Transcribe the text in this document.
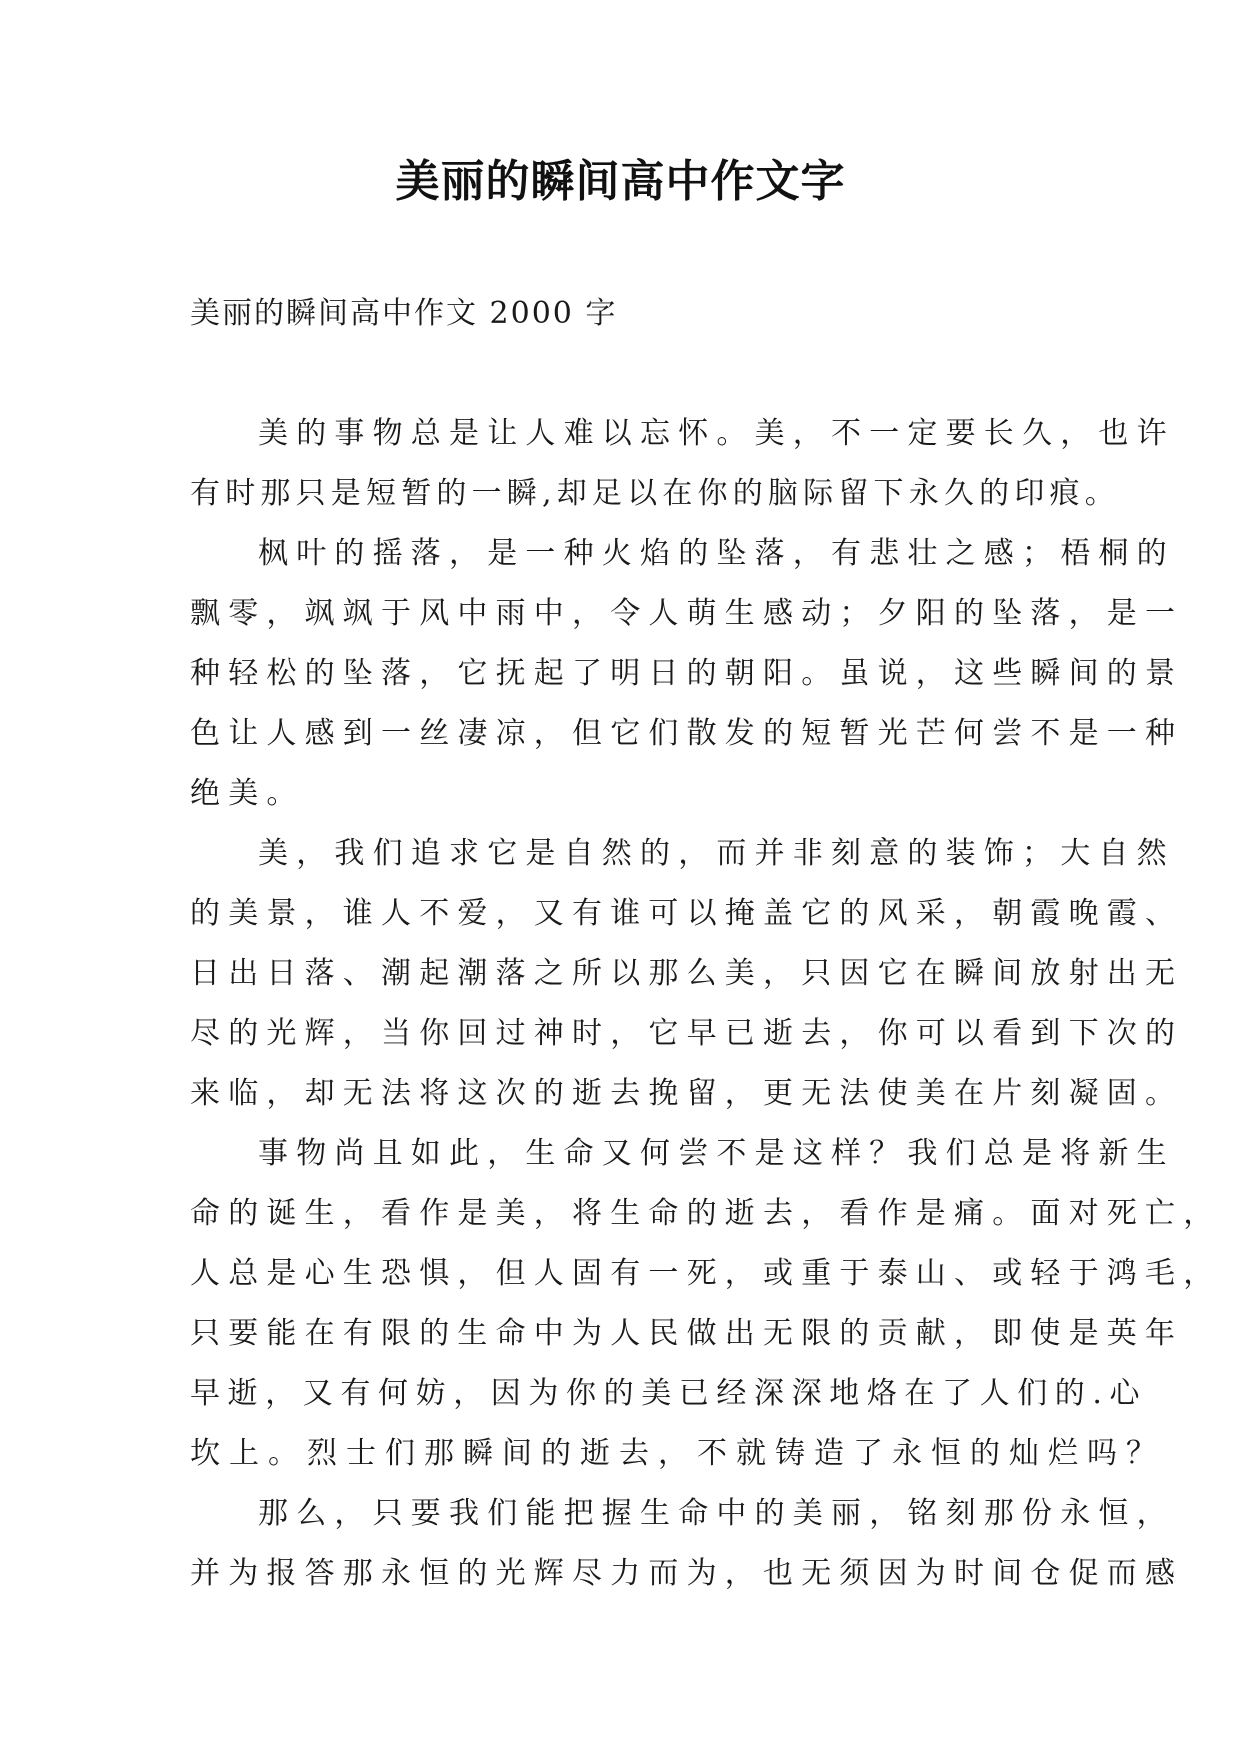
美丽的瞬间高中作文字
美丽的瞬间高中作文 2000 字
美的事物总是让人难以忘怀。美，不一定要长久，也许
有时那只是短暂的一瞬,却足以在你的脑际留下永久的印痕。
枫叶的摇落，是一种火焰的坠落，有悲壮之感；梧桐的
飘零，飒飒于风中雨中，令人萌生感动；夕阳的坠落，是一
种轻松的坠落，它抚起了明日的朝阳。虽说，这些瞬间的景
色让人感到一丝凄凉，但它们散发的短暂光芒何尝不是一种
绝美。
美，我们追求它是自然的，而并非刻意的装饰；大自然
的美景，谁人不爱，又有谁可以掩盖它的风采，朝霞晚霞、
日出日落、潮起潮落之所以那么美，只因它在瞬间放射出无
尽的光辉，当你回过神时，它早已逝去，你可以看到下次的
来临，却无法将这次的逝去挽留，更无法使美在片刻凝固。
事物尚且如此，生命又何尝不是这样？我们总是将新生
命的诞生，看作是美，将生命的逝去，看作是痛。面对死亡，
人总是心生恐惧，但人固有一死，或重于泰山、或轻于鸿毛，
只要能在有限的生命中为人民做出无限的贡献，即使是英年
早逝，又有何妨，因为你的美已经深深地烙在了人们的.心
坎上。烈士们那瞬间的逝去，不就铸造了永恒的灿烂吗？
那么，只要我们能把握生命中的美丽，铭刻那份永恒，
并为报答那永恒的光辉尽力而为，也无须因为时间仓促而感
